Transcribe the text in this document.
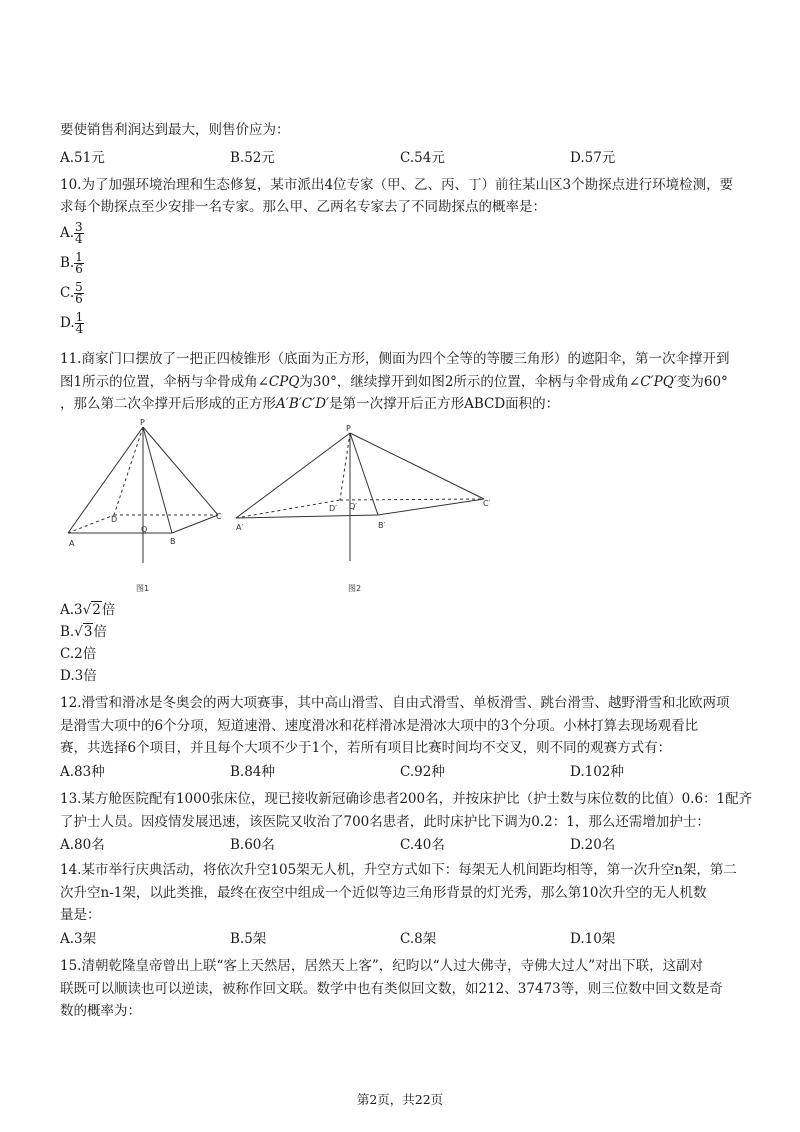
要使销售利润达到最大，则售价应为：
A.51元	B.52元	C.54元	D.57元
10.为了加强环境治理和生态修复，某市派出4位专家（甲、乙、丙、丁）前往某山区3个勘探点进行环境检测，要
求每个勘探点至少安排一名专家。那么甲、乙两名专家去了不同勘探点的概率是：
A. $\frac{3}{4}$
B. $\frac{1}{6}$
C. $\frac{5}{6}$
D. $\frac{1}{4}$
11.商家门口摆放了一把正四棱锥形（底面为正方形，侧面为四个全等的等腰三角形）的遮阳伞，第一次伞撑开到
图1所示的位置，伞柄与伞骨成角∠CPQ为30°，继续撑开到如图2所示的位置，伞柄与伞骨成角∠C′PQ′变为60°
，那么第二次伞撑开后形成的正方形A′B′C′D′是第一次撑开后正方形ABCD面积的：
P
A	B
C
D
Q
图1
P
A′	B′
C′
D′ Q′
图2
A.3√2倍
B.√3倍
C.2倍
D.3倍
12.滑雪和滑冰是冬奥会的两大项赛事，其中高山滑雪、自由式滑雪、单板滑雪、跳台滑雪、越野滑雪和北欧两项
是滑雪大项中的6个分项，短道速滑、速度滑冰和花样滑冰是滑冰大项中的3个分项。小林打算去现场观看比
赛，共选择6个项目，并且每个大项不少于1个，若所有项目比赛时间均不交叉，则不同的观赛方式有：
A.83种	B.84种	C.92种	D.102种
13.某方舱医院配有1000张床位，现已接收新冠确诊患者200名，并按床护比（护士数与床位数的比值）0.6：1配齐
了护士人员。因疫情发展迅速，该医院又收治了700名患者，此时床护比下调为0.2：1，那么还需增加护士：
A.80名	B.60名	C.40名	D.20名
14.某市举行庆典活动，将依次升空105架无人机，升空方式如下：每架无人机间距均相等，第一次升空n架，第二
次升空n-1架，以此类推，最终在夜空中组成一个近似等边三角形背景的灯光秀，那么第10次升空的无人机数
量是：
A.3架	B.5架	C.8架	D.10架
15.清朝乾隆皇帝曾出上联“客上天然居，居然天上客”，纪昀以“人过大佛寺，寺佛大过人”对出下联，这副对
联既可以顺读也可以逆读，被称作回文联。数学中也有类似回文数，如212、37473等，则三位数中回文数是奇
数的概率为：
第2页，共22页
